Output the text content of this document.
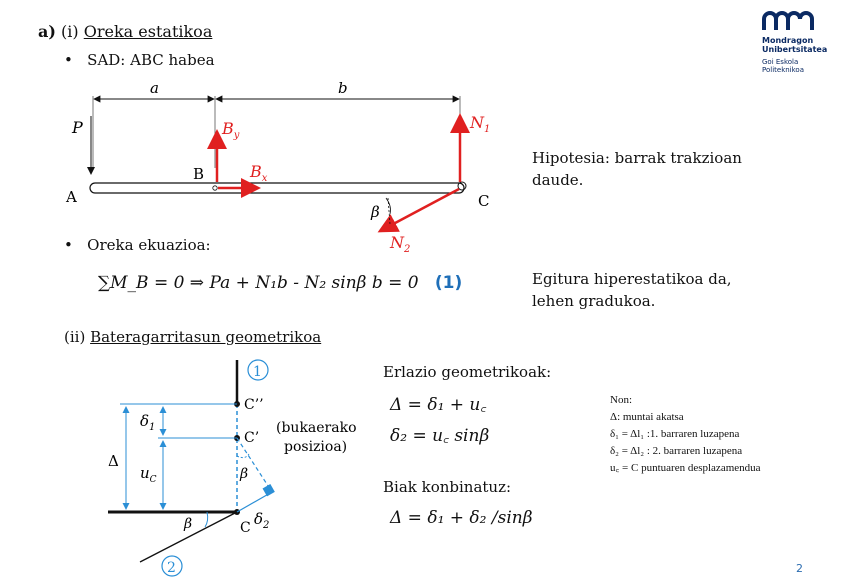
a) (i) Oreka estatikoa
• SAD: ABC habea
Mondragon
Unibertsitatea
Goi Eskola
Politeknikoa
a	b
P
A
B
C
$B_y$
$B_x$
$N_1$
$N_2$
β
Hipotesia: barrak trakzioan
daude.
• Oreka ekuazioa:
∑M_B = 0 ⇒ Pa + N₁b - N₂ sinβ b = 0 (1)	Egitura hiperestatikoa da,
lehen gradukoa.
(ii) Bateragarritasun geometrikoa
1
2
C’’
C’
C
(bukaerako
posizioa)
Δ
$\delta_1$
$u_C$
$\delta_2$
β
β
Erlazio geometrikoak:
Δ = δ₁ + u꜀
δ₂ = u꜀ sinβ
Biak konbinatuz:
Δ = δ₁ + δ₂ /sinβ
Non:
Δ: muntai akatsa
δ₁ = Δl₁ :1. barraren luzapena
δ₂ = Δl₂ : 2. barraren luzapena
u꜀ = C puntuaren desplazamendua
2
